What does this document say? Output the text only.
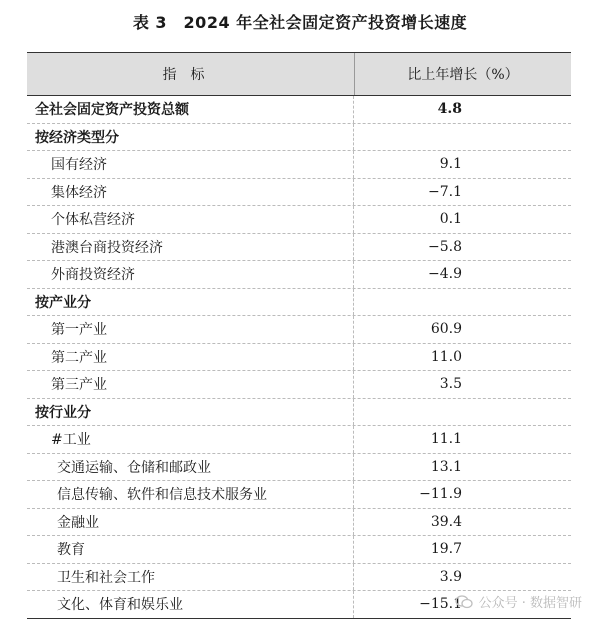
表 3　2024 年全社会固定资产投资增长速度
指标	比上年增长（%）
全社会固定资产投资总额	4.8
按经济类型分
国有经济	9.1
集体经济	−7.1
个体私营经济	0.1
港澳台商投资经济	−5.8
外商投资经济	−4.9
按产业分
第一产业	60.9
第二产业	11.0
第三产业	3.5
按行业分
#工业	11.1
交通运输、仓储和邮政业	13.1
信息传输、软件和信息技术服务业	−11.9
金融业	39.4
教育	19.7
卫生和社会工作	3.9
文化、体育和娱乐业	−15.1 公众号 · 数据智研
